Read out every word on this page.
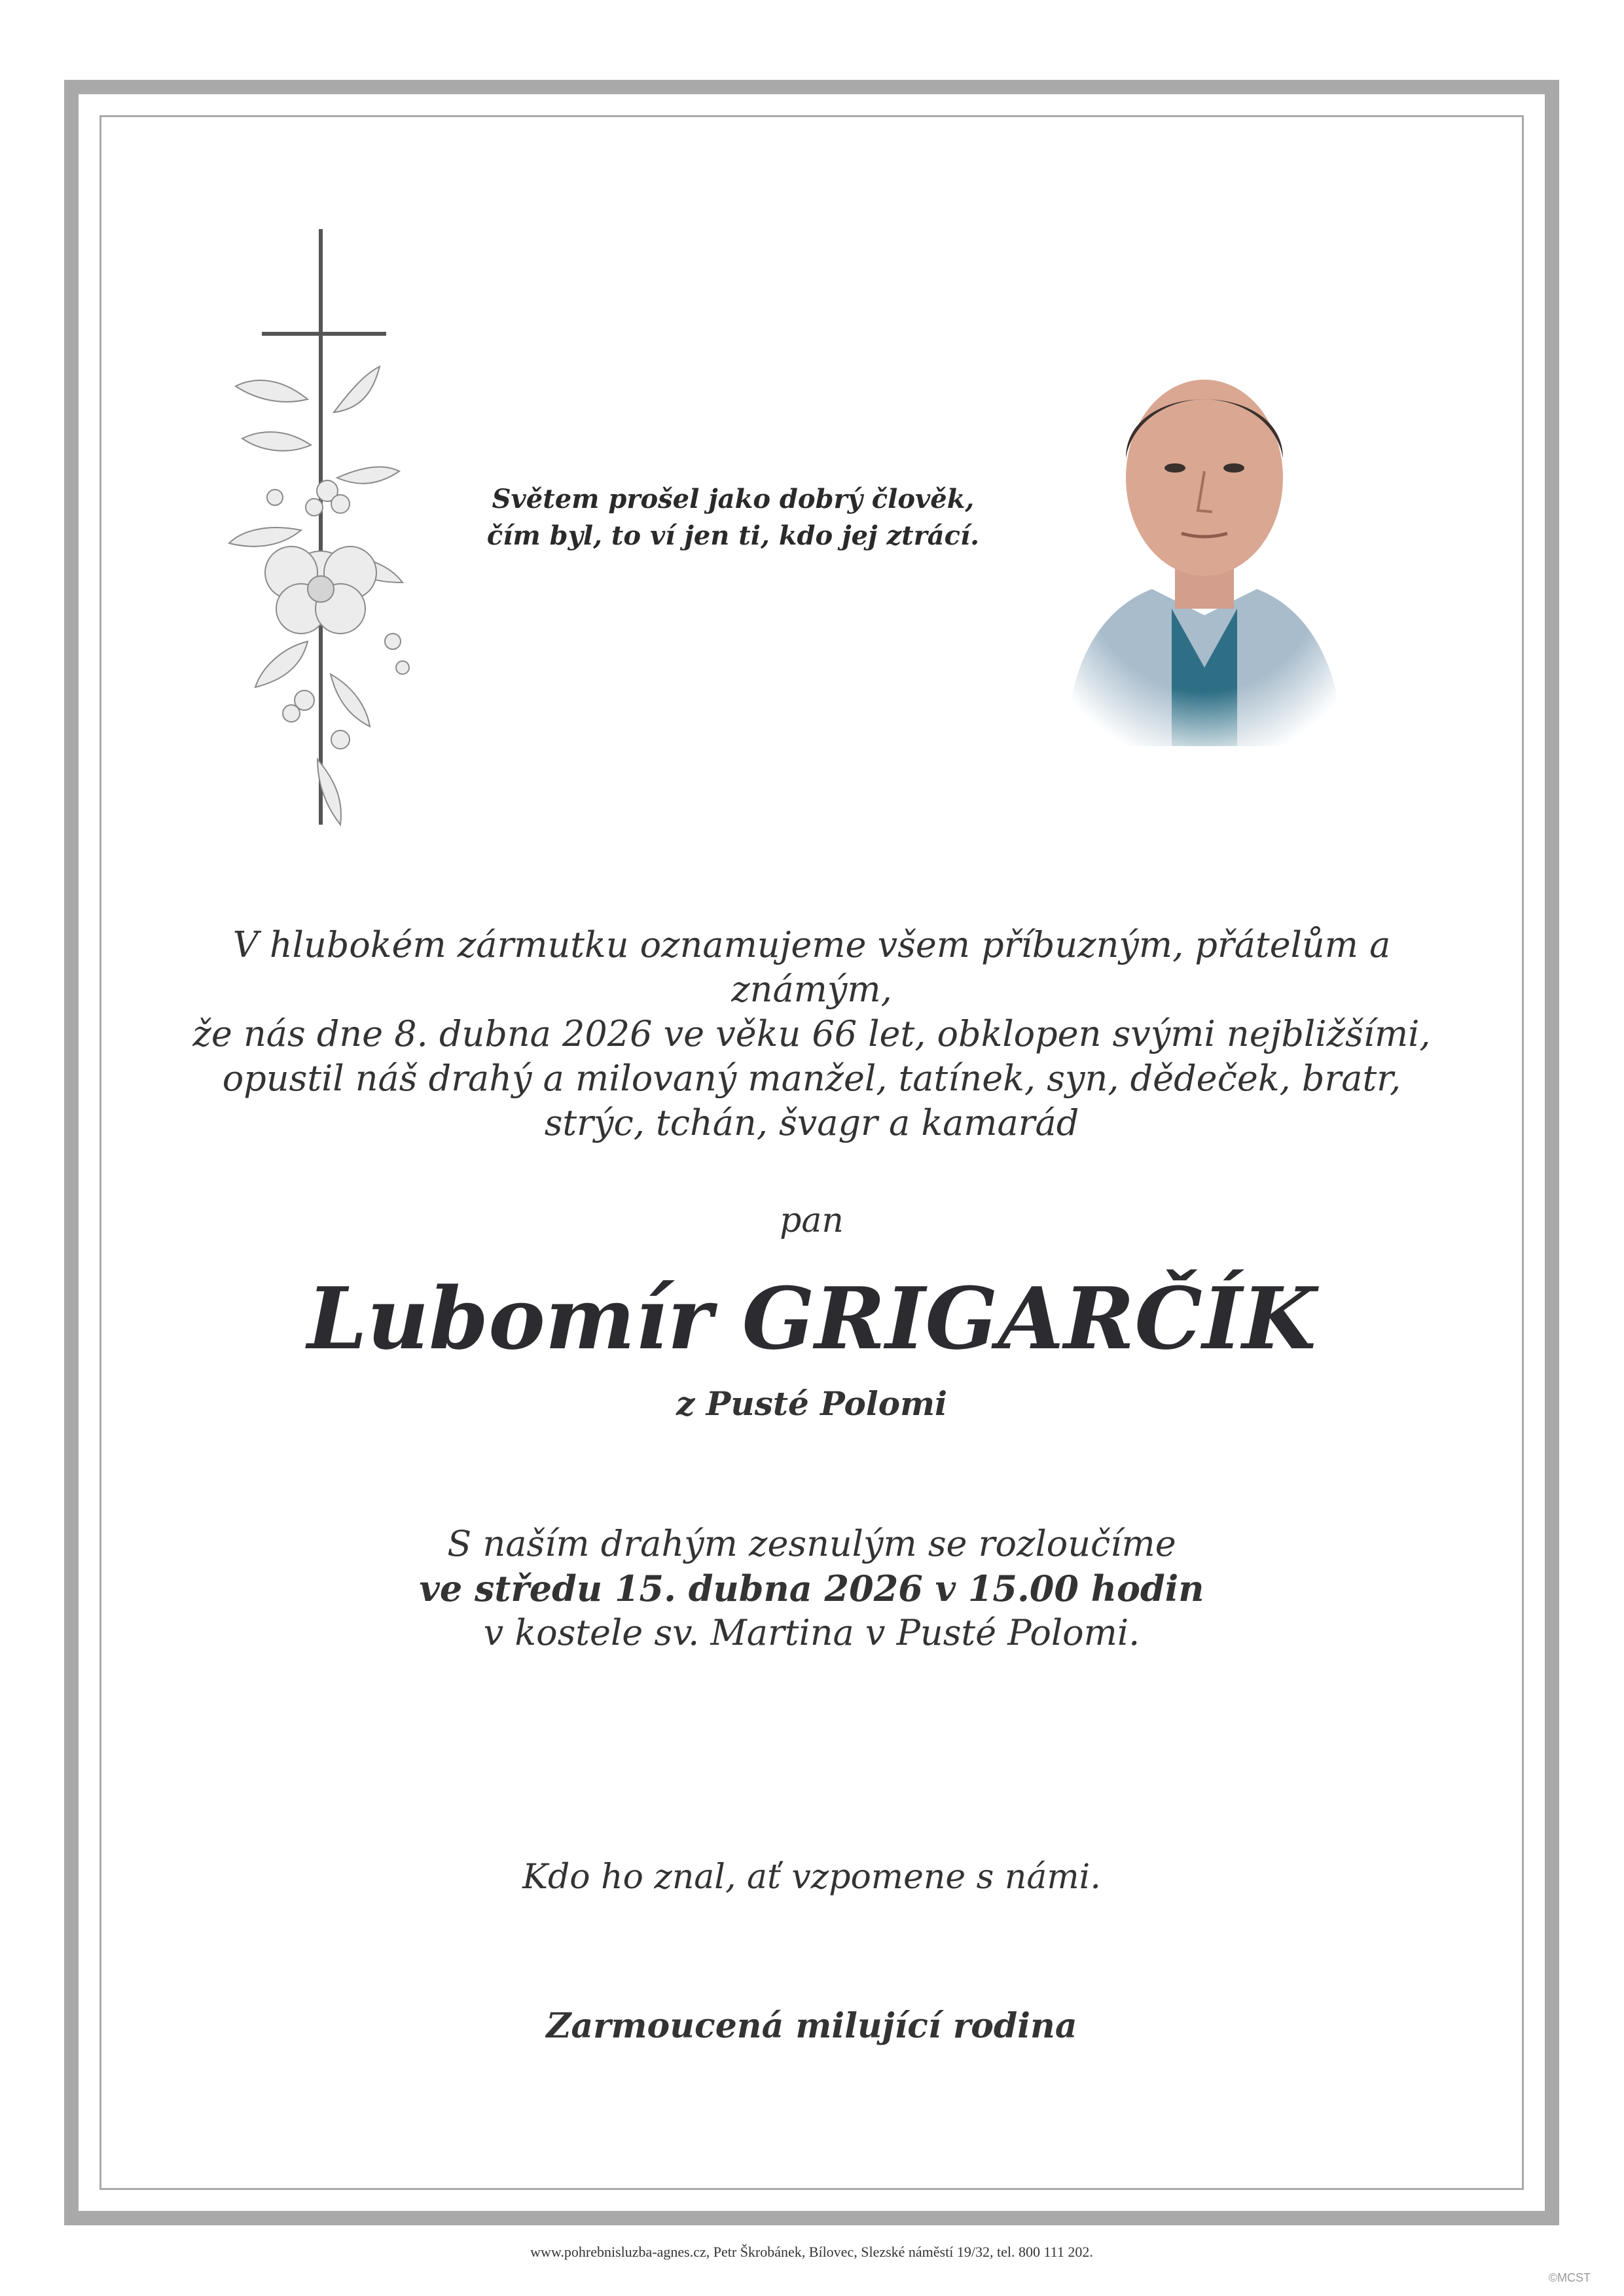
Světem prošel jako dobrý člověk,
čím byl, to ví jen ti, kdo jej ztrácí.
V hlubokém zármutku oznamujeme všem příbuzným, přátelům a známým,
že nás dne 8. dubna 2026 ve věku 66 let, obklopen svými nejbližšími,
opustil náš drahý a milovaný manžel, tatínek, syn, dědeček, bratr,
strýc, tchán, švagr a kamarád
pan
Lubomír GRIGARČÍK
z Pusté Polomi
S naším drahým zesnulým se rozloučíme
ve středu 15. dubna 2026 v 15.00 hodin
v kostele sv. Martina v Pusté Polomi.
Kdo ho znal, ať vzpomene s námi.
Zarmoucená milující rodina
www.pohrebnisluzba-agnes.cz, Petr Škrobánek, Bílovec, Slezské náměstí 19/32, tel. 800 111 202.
©MCST
